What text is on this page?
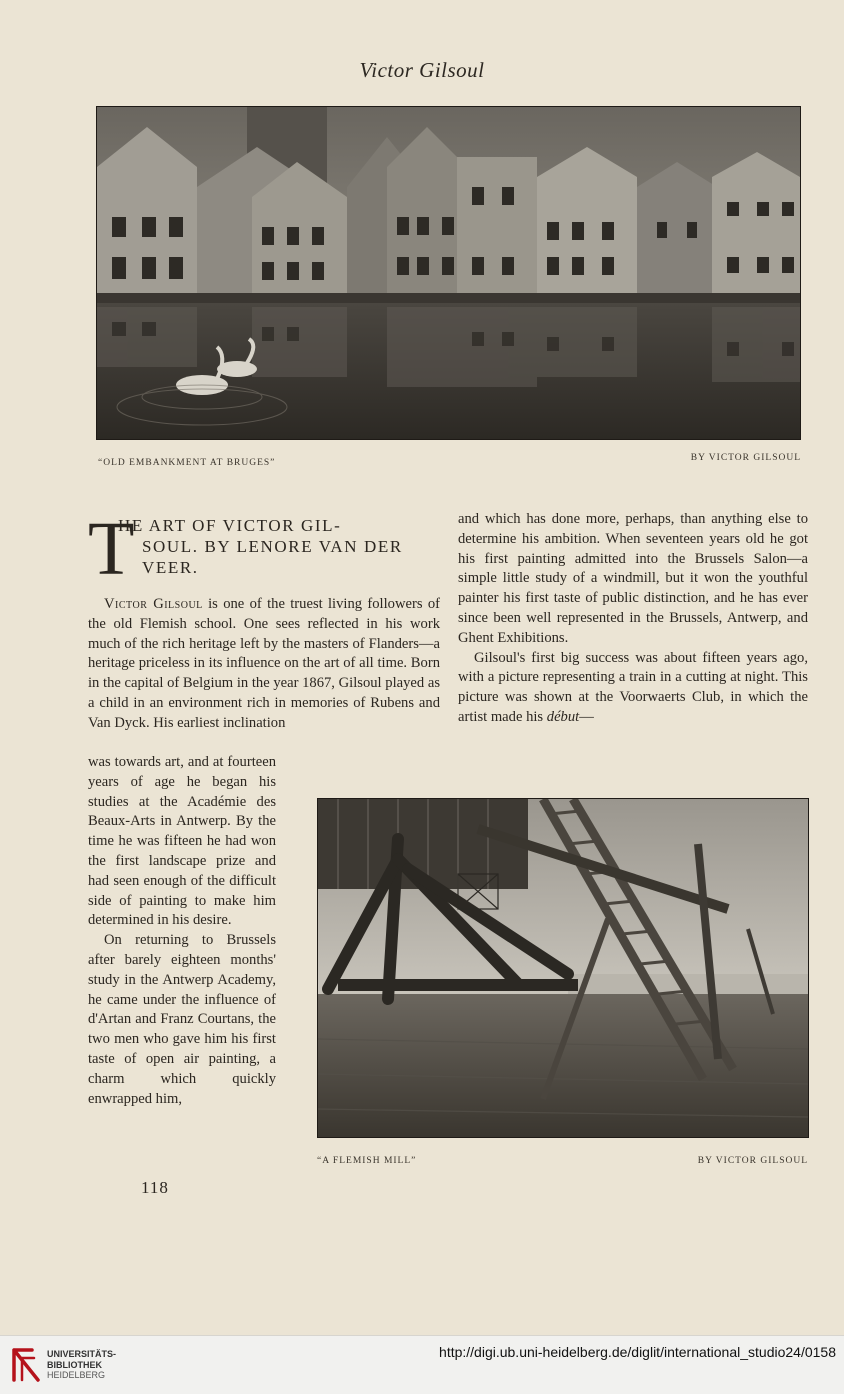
Victor Gilsoul
“OLD EMBANKMENT AT BRUGES”	BY VICTOR GILSOUL
T
HE ART OF VICTOR GIL-
SOUL. BY LENORE VAN DER
VEER.

Victor Gilsoul is one of the truest living followers of the old Flemish school. One sees reflected in his work much of the rich heritage left by the masters of Flanders—a heritage priceless in its influence on the art of all time. Born in the capital of Belgium in the year 1867, Gilsoul played as a child in an environment rich in memories of Rubens and Van Dyck. His earliest inclination

was towards art, and at fourteen years of age he began his studies at the Académie des Beaux-Arts in Antwerp. By the time he was fifteen he had won the first landscape prize and had seen enough of the difficult side of painting to make him determined in his desire.

On returning to Brussels after barely eighteen months' study in the Antwerp Academy, he came under the influence of d'Artan and Franz Courtans, the two men who gave him his first taste of open air painting, a charm which quickly enwrapped him,

and which has done more, perhaps, than anything else to determine his ambition. When seventeen years old he got his first painting admitted into the Brussels Salon—a simple little study of a windmill, but it won the youthful painter his first taste of public distinction, and he has ever since been well represented in the Brussels, Antwerp, and Ghent Exhibitions.

Gilsoul's first big success was about fifteen years ago, with a picture representing a train in a cutting at night. This picture was shown at the Voorwaerts Club, in which the artist made his début—

“A FLEMISH MILL”	BY VICTOR GILSOUL
118
UNIVERSITÄTS-
BIBLIOTHEK
HEIDELBERG
http://digi.ub.uni-heidelberg.de/diglit/international_studio24/0158
